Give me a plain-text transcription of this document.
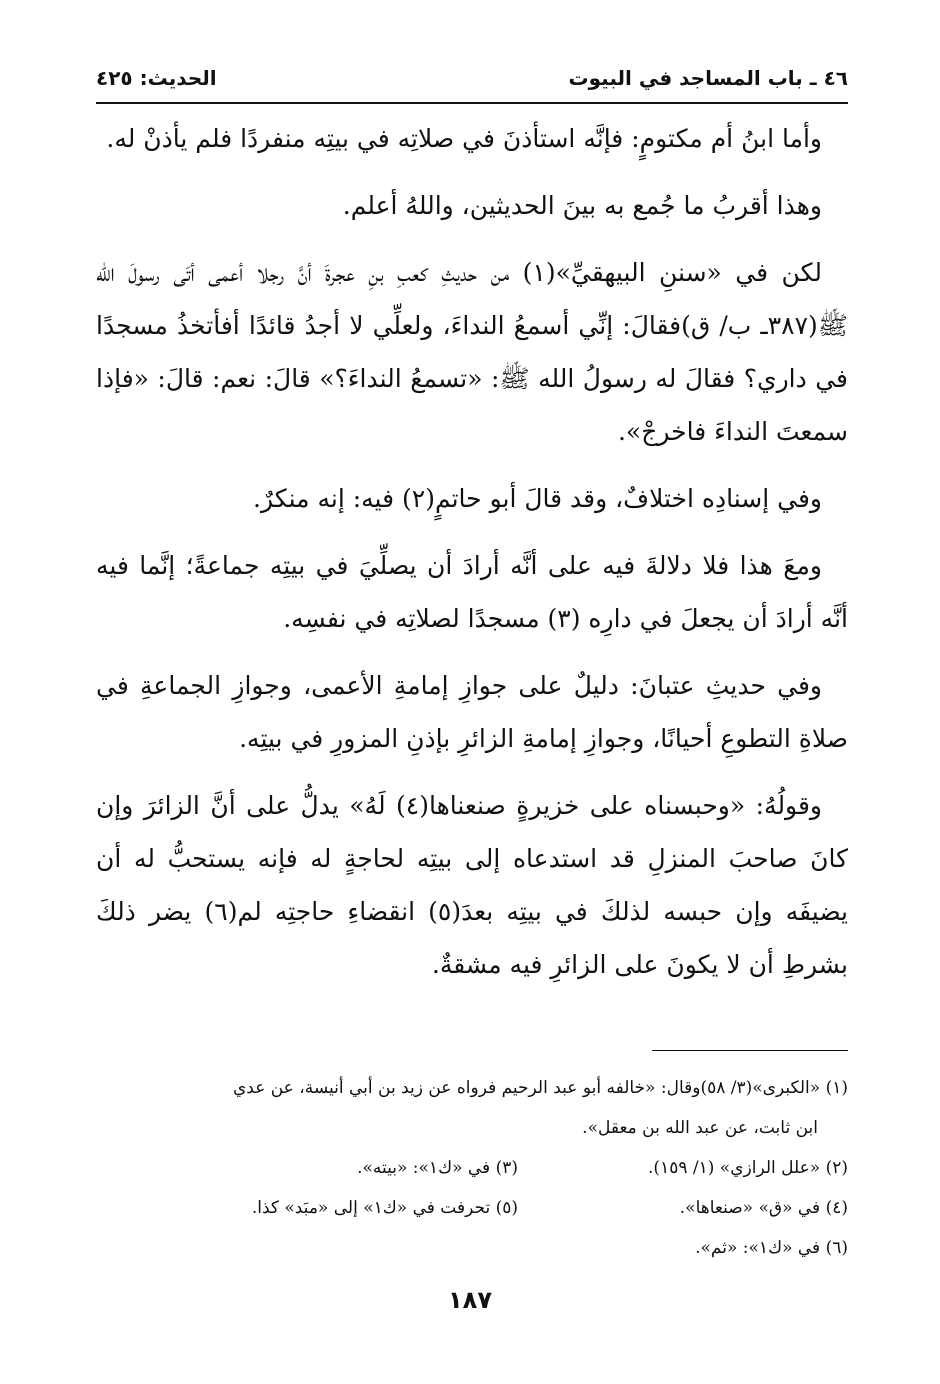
٤٦ ـ باب المساجد في البيوت
الحديث: ٤٢٥

وأما ابنُ أم مكتومٍ: فإنَّه استأذنَ في صلاتِه في بيتِه منفردًا فلم يأذنْ له.

وهذا أقربُ ما جُمع به بينَ الحديثين، واللهُ أعلم.

لكن في «سننِ البيهقيِّ»(١) من حديثِ كعبِ بنِ عجرةَ أنَّ رجلا أعمى أتَى رسولَ الله ﷺ(٣٨٧ـ ب/ ق)فقالَ: إنِّي أسمعُ النداءَ، ولعلِّي لا أجدُ قائدًا أفأتخذُ مسجدًا في داري؟ فقالَ له رسولُ الله ﷺ: «تسمعُ النداءَ؟» قالَ: نعم: قالَ: «فإذا سمعتَ النداءَ فاخرجْ».

وفي إسنادِه اختلافٌ، وقد قالَ أبو حاتمٍ(٢) فيه: إنه منكرٌ.

ومعَ هذا فلا دلالةَ فيه على أنَّه أرادَ أن يصلِّيَ في بيتِه جماعةً؛ إنَّما فيه أنَّه أرادَ أن يجعلَ في دارِه (٣) مسجدًا لصلاتِه في نفسِه.

وفي حديثِ عتبانَ: دليلٌ على جوازِ إمامةِ الأعمى، وجوازِ الجماعةِ في صلاةِ التطوعِ أحيانًا، وجوازِ إمامةِ الزائرِ بإذنِ المزورِ في بيتِه.

وقولُهُ: «وحبسناه على خزيرةٍ صنعناها(٤) لَهُ» يدلُّ على أنَّ الزائرَ وإن كانَ صاحبَ المنزلِ قد استدعاه إلى بيتِه لحاجةٍ له فإنه يستحبُّ له أن يضيفَه وإن حبسه لذلكَ في بيتِه بعدَ(٥) انقضاءِ حاجتِه لم(٦) يضر ذلكَ بشرطِ أن لا يكونَ على الزائرِ فيه مشقةٌ.

(١) «الكبرى»(٣/ ٥٨)وقال: «خالفه أبو عبد الرحيم فرواه عن زيد بن أبي أنيسة، عن عدي
ابن ثابت، عن عبد الله بن معقل».
(٢) «علل الرازي» (١/ ١٥٩).
(٣) في «ك١»: «بيته».
(٤) في «ق» «صنعاها».
(٥) تحرفت في «ك١» إلى «مبَد» كذا.
(٦) في «ك١»: «ثم».
١٨٧
